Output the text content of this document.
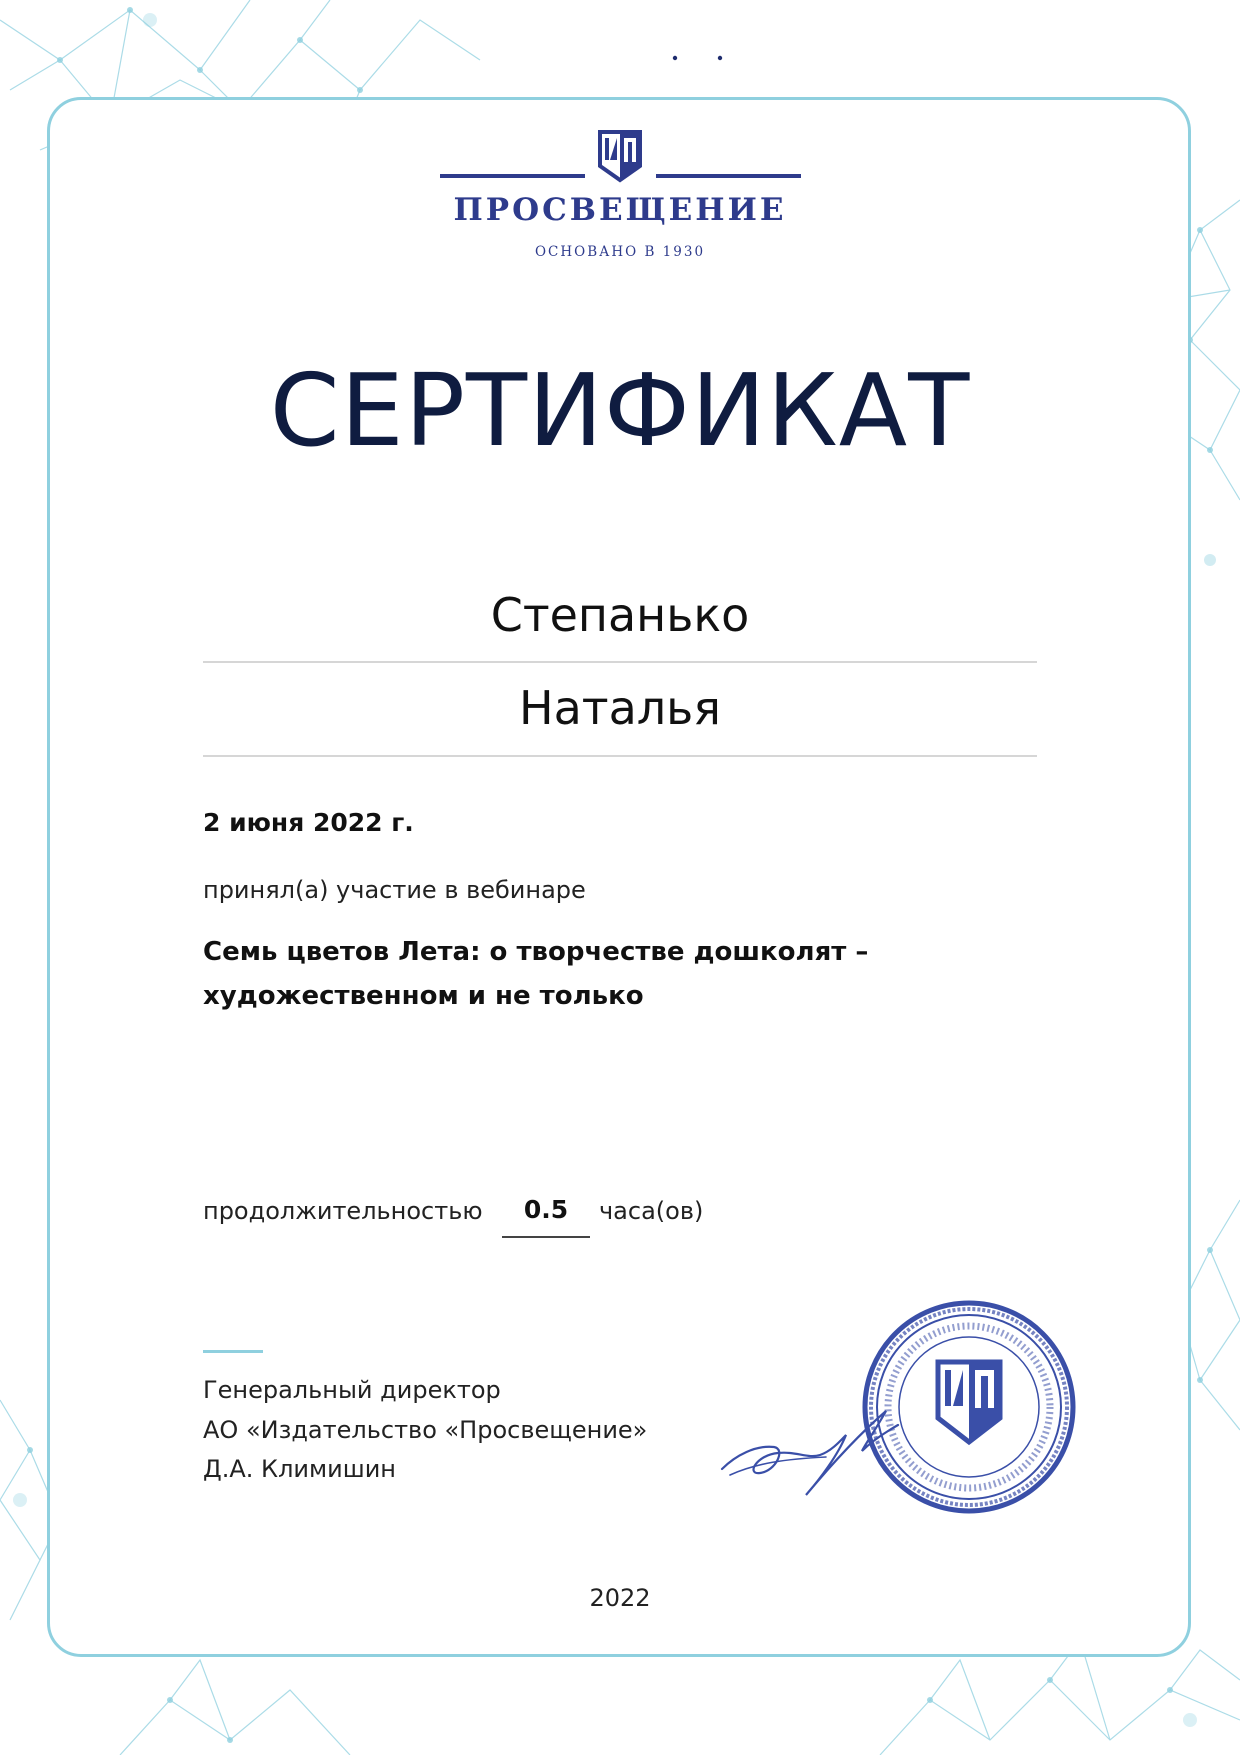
ПРОСВЕЩЕНИЕ
ОСНОВАНО В 1930
СЕРТИФИКАТ
Степанько
Наталья
2 июня 2022 г.
принял(а) участие в вебинаре
Семь цветов Лета: о творчестве дошколят – художественном и не только
продолжительностью	0.5	часа(ов)
Генеральный директор
АО «Издательство «Просвещение»
Д.А. Климишин
2022
